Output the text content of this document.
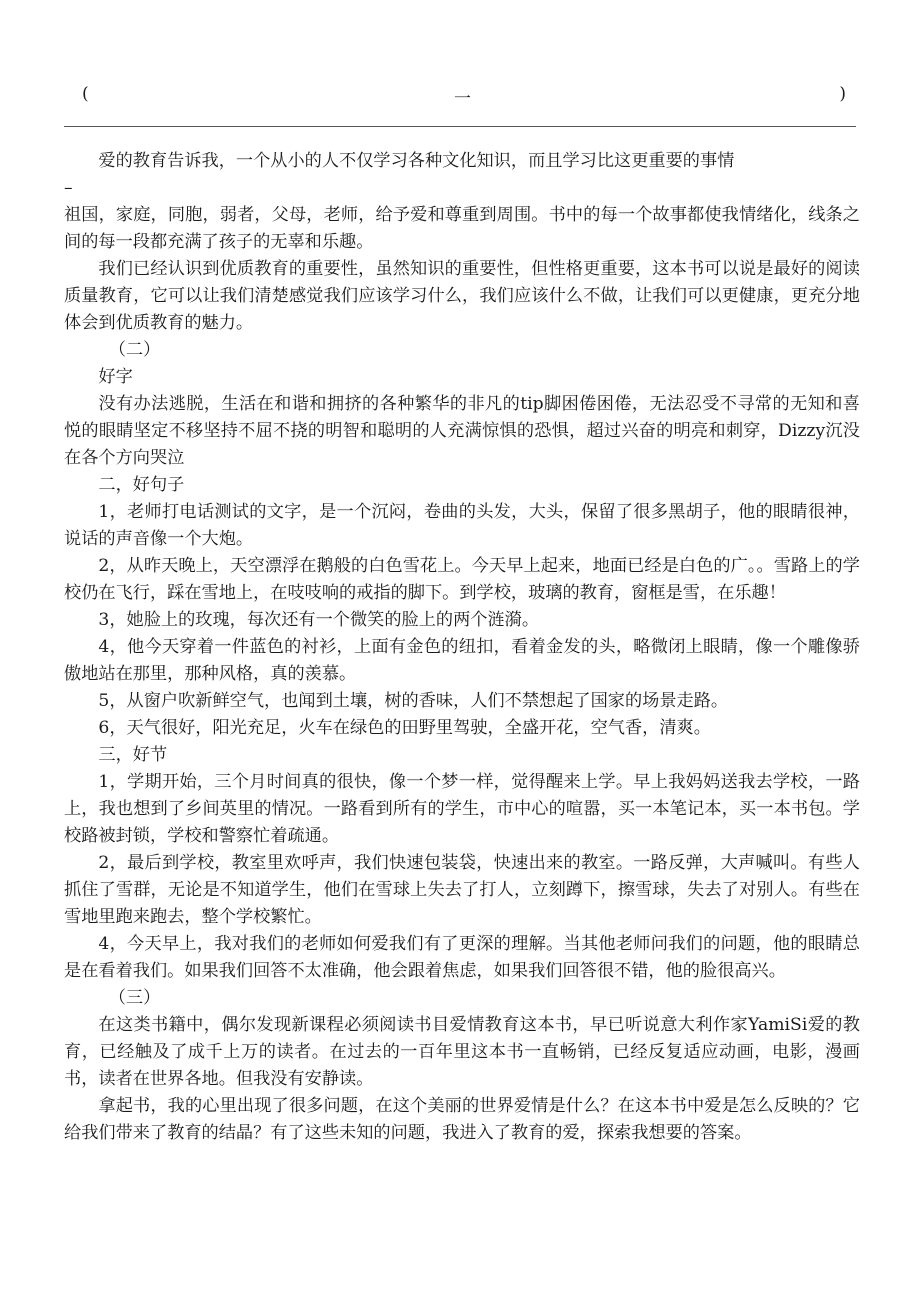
(	一	)

爱的教育告诉我，一个从小的人不仅学习各种文化知识，而且学习比这更重要的事情

–

祖国，家庭，同胞，弱者，父母，老师，给予爱和尊重到周围。书中的每一个故事都使我情绪化，线条之间的每一段都充满了孩子的无辜和乐趣。

我们已经认识到优质教育的重要性，虽然知识的重要性，但性格更重要，这本书可以说是最好的阅读质量教育，它可以让我们清楚感觉我们应该学习什么，我们应该什么不做，让我们可以更健康，更充分地体会到优质教育的魅力。

（二）

好字

没有办法逃脱，生活在和谐和拥挤的各种繁华的非凡的tip脚困倦困倦，无法忍受不寻常的无知和喜悦的眼睛坚定不移坚持不屈不挠的明智和聪明的人充满惊惧的恐惧，超过兴奋的明亮和刺穿，Dizzy沉没在各个方向哭泣

二，好句子

1，老师打电话测试的文字，是一个沉闷，卷曲的头发，大头，保留了很多黑胡子，他的眼睛很神，说话的声音像一个大炮。

2，从昨天晚上，天空漂浮在鹅般的白色雪花上。今天早上起来，地面已经是白色的广。。雪路上的学校仍在飞行，踩在雪地上，在吱吱响的戒指的脚下。到学校，玻璃的教育，窗框是雪，在乐趣！

3，她脸上的玫瑰，每次还有一个微笑的脸上的两个涟漪。

4，他今天穿着一件蓝色的衬衫，上面有金色的纽扣，看着金发的头，略微闭上眼睛，像一个雕像骄傲地站在那里，那种风格，真的羡慕。

5，从窗户吹新鲜空气，也闻到土壤，树的香味，人们不禁想起了国家的场景走路。

6，天气很好，阳光充足，火车在绿色的田野里驾驶，全盛开花，空气香，清爽。

三，好节

1，学期开始，三个月时间真的很快，像一个梦一样，觉得醒来上学。早上我妈妈送我去学校，一路上，我也想到了乡间英里的情况。一路看到所有的学生，市中心的喧嚣，买一本笔记本，买一本书包。学校路被封锁，学校和警察忙着疏通。

2，最后到学校，教室里欢呼声，我们快速包装袋，快速出来的教室。一路反弹，大声喊叫。有些人抓住了雪群，无论是不知道学生，他们在雪球上失去了打人，立刻蹲下，擦雪球，失去了对别人。有些在雪地里跑来跑去，整个学校繁忙。

4，今天早上，我对我们的老师如何爱我们有了更深的理解。当其他老师问我们的问题，他的眼睛总是在看着我们。如果我们回答不太准确，他会跟着焦虑，如果我们回答很不错，他的脸很高兴。

（三）

在这类书籍中，偶尔发现新课程必须阅读书目爱情教育这本书，早已听说意大利作家YamiSi爱的教育，已经触及了成千上万的读者。在过去的一百年里这本书一直畅销，已经反复适应动画，电影，漫画书，读者在世界各地。但我没有安静读。

拿起书，我的心里出现了很多问题，在这个美丽的世界爱情是什么？在这本书中爱是怎么反映的？它给我们带来了教育的结晶？有了这些未知的问题，我进入了教育的爱，探索我想要的答案。
